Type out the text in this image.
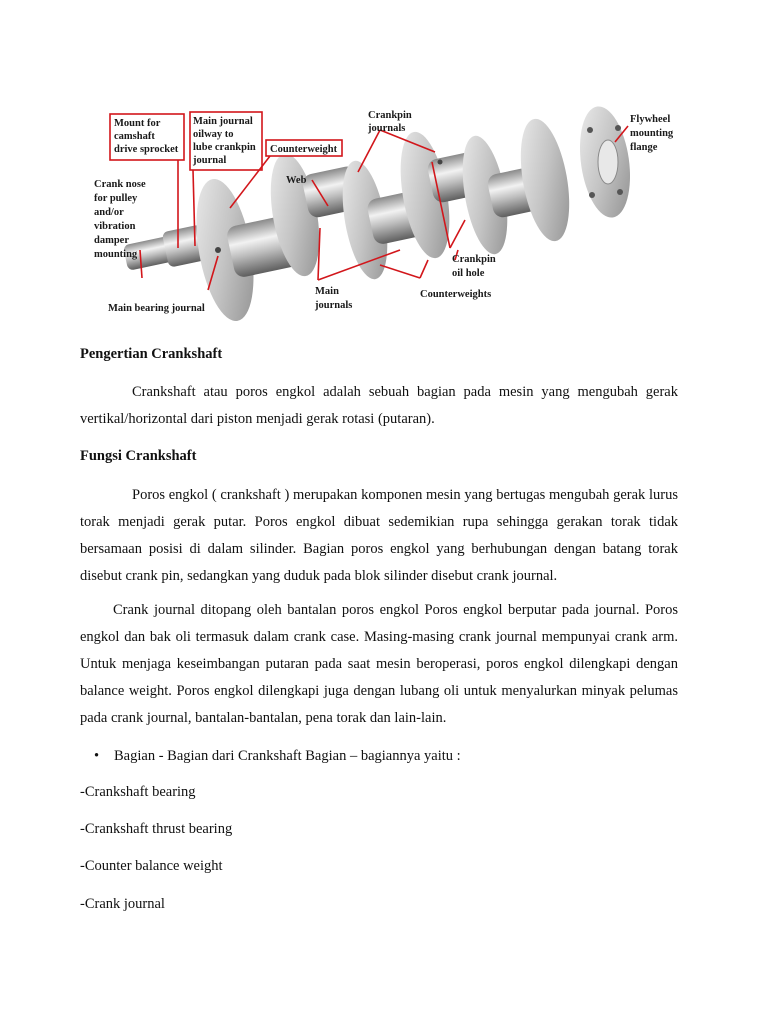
Mount for
camshaft
drive sprocket
Main journal
oilway to
lube crankpin
journal
Counterweight
Crankpin
journals
Flywheel
mounting
flange
Web
Crank nose
for pulley
and/or
vibration
damper
mounting	Crankpin
oil hole
Main
journals
Counterweights
Main bearing journal
Pengertian Crankshaft

Crankshaft atau poros engkol adalah sebuah bagian pada mesin yang mengubah gerak vertikal/horizontal dari piston menjadi gerak rotasi (putaran).

Fungsi Crankshaft

Poros engkol ( crankshaft ) merupakan komponen mesin yang bertugas mengubah gerak lurus torak menjadi gerak putar. Poros engkol dibuat sedemikian rupa sehingga gerakan torak tidak bersamaan posisi di dalam silinder. Bagian poros engkol yang berhubungan dengan batang torak disebut crank pin, sedangkan yang duduk pada blok silinder disebut crank journal.

Crank journal ditopang oleh bantalan poros engkol Poros engkol berputar pada journal. Poros engkol dan bak oli termasuk dalam crank case. Masing-masing crank journal mempunyai crank arm. Untuk menjaga keseimbangan putaran pada saat mesin beroperasi, poros engkol dilengkapi dengan balance weight. Poros engkol dilengkapi juga dengan lubang oli untuk menyalurkan minyak pelumas pada crank journal, bantalan-bantalan, pena torak dan lain-lain.

• Bagian - Bagian dari Crankshaft Bagian – bagiannya yaitu :
-Crankshaft bearing
-Crankshaft thrust bearing
-Counter balance weight
-Crank journal
